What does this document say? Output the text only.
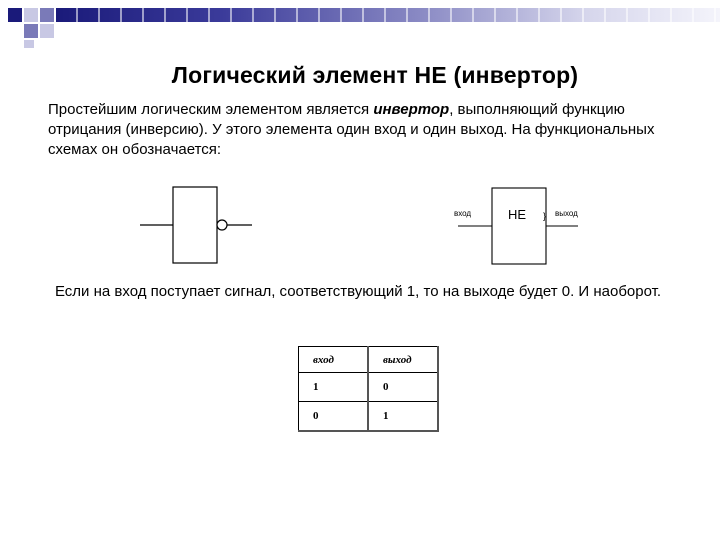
Логический элемент НЕ (инвертор)
Простейшим логическим элементом является инвертор, выполняющий функцию отрицания (инверсию). У этого элемента один вход и один выход. На функциональных схемах он обозначается:
}
вход	НЕ	выход
Если на вход поступает сигнал, соответствующий 1, то на выходе будет 0. И наоборот.
вход	выход
1	0
0	1
